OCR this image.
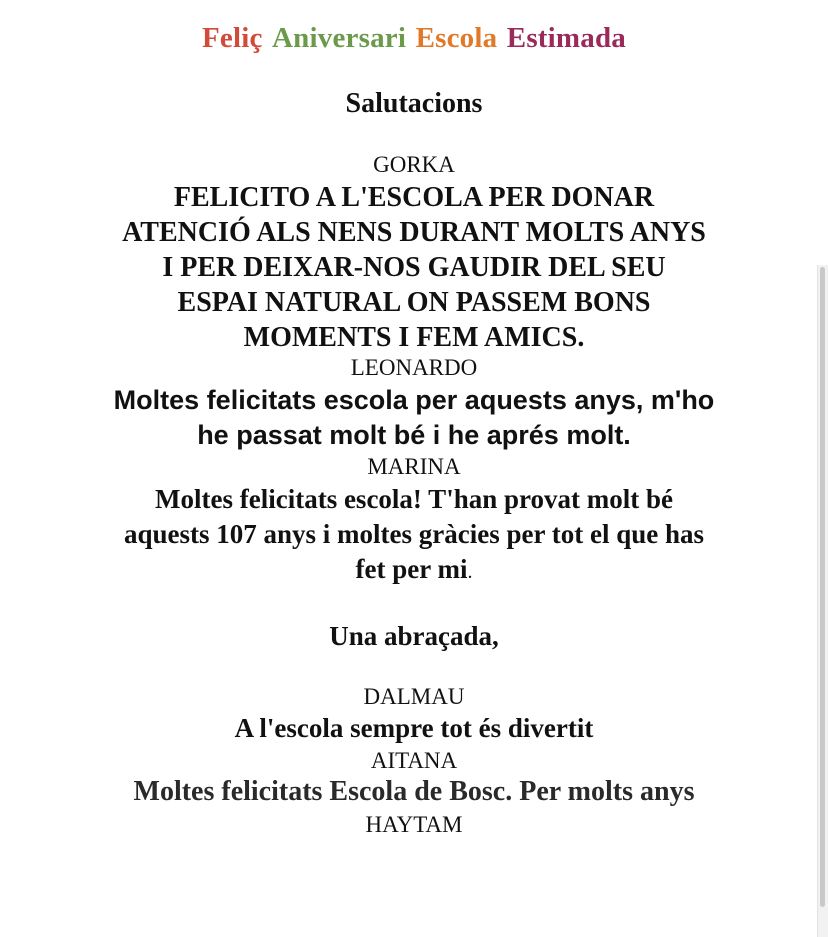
Feliç Aniversari Escola Estimada
Salutacions
GORKA
FELICITO A L'ESCOLA PER DONAR ATENCIÓ ALS NENS DURANT MOLTS ANYS I PER DEIXAR-NOS GAUDIR DEL SEU ESPAI NATURAL ON PASSEM BONS MOMENTS I FEM AMICS.
LEONARDO
Moltes felicitats escola per aquests anys, m'ho he passat molt bé i he aprés molt.
MARINA
Moltes felicitats escola! T'han provat molt bé aquests 107 anys i moltes gràcies per tot el que has fet per mi.
Una abraçada,
DALMAU
A l'escola sempre tot és divertit
AITANA
Moltes felicitats Escola de Bosc. Per molts anys
HAYTAM
